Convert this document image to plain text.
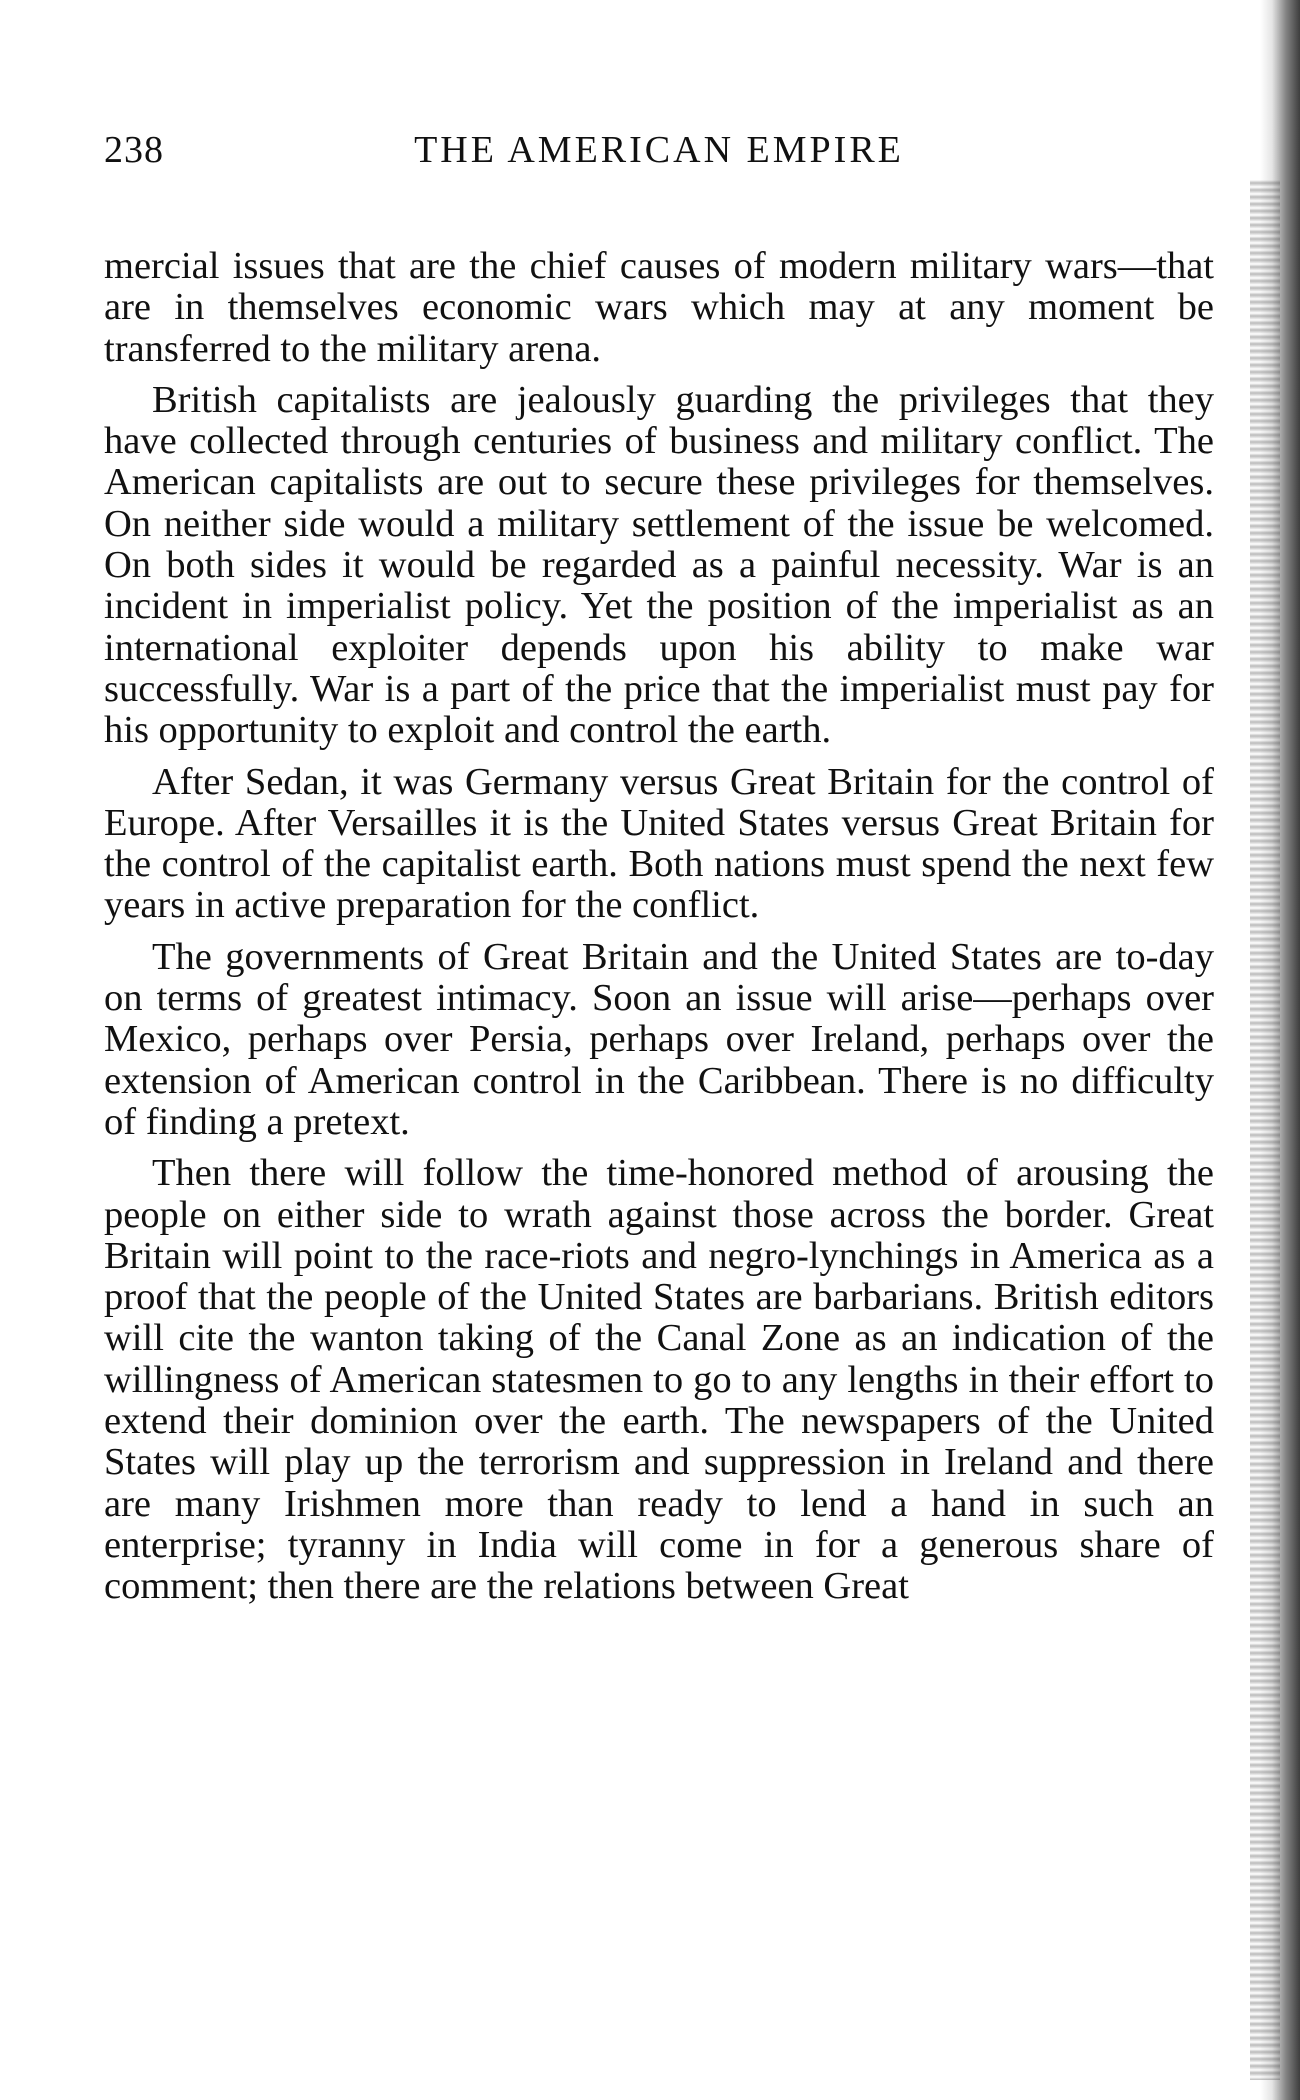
238	THE AMERICAN EMPIRE

mercial issues that are the chief causes of modern military wars—that are in themselves economic wars which may at any moment be transferred to the military arena.

British capitalists are jealously guarding the privileges that they have collected through centuries of business and military conflict. The American capitalists are out to secure these privileges for themselves. On neither side would a military settlement of the issue be welcomed. On both sides it would be regarded as a painful necessity. War is an incident in imperialist policy. Yet the position of the imperialist as an international exploiter depends upon his ability to make war successfully. War is a part of the price that the imperialist must pay for his opportunity to exploit and control the earth.

After Sedan, it was Germany versus Great Britain for the control of Europe. After Versailles it is the United States versus Great Britain for the control of the capitalist earth. Both nations must spend the next few years in active preparation for the conflict.

The governments of Great Britain and the United States are to-day on terms of greatest intimacy. Soon an issue will arise—perhaps over Mexico, perhaps over Persia, perhaps over Ireland, perhaps over the extension of American control in the Caribbean. There is no difficulty of finding a pretext.

Then there will follow the time-honored method of arousing the people on either side to wrath against those across the border. Great Britain will point to the race-riots and negro-lynchings in America as a proof that the people of the United States are barbarians. British editors will cite the wanton taking of the Canal Zone as an indication of the willingness of American statesmen to go to any lengths in their effort to extend their dominion over the earth. The newspapers of the United States will play up the terrorism and suppression in Ireland and there are many Irishmen more than ready to lend a hand in such an enterprise; tyranny in India will come in for a generous share of comment; then there are the relations between Great
